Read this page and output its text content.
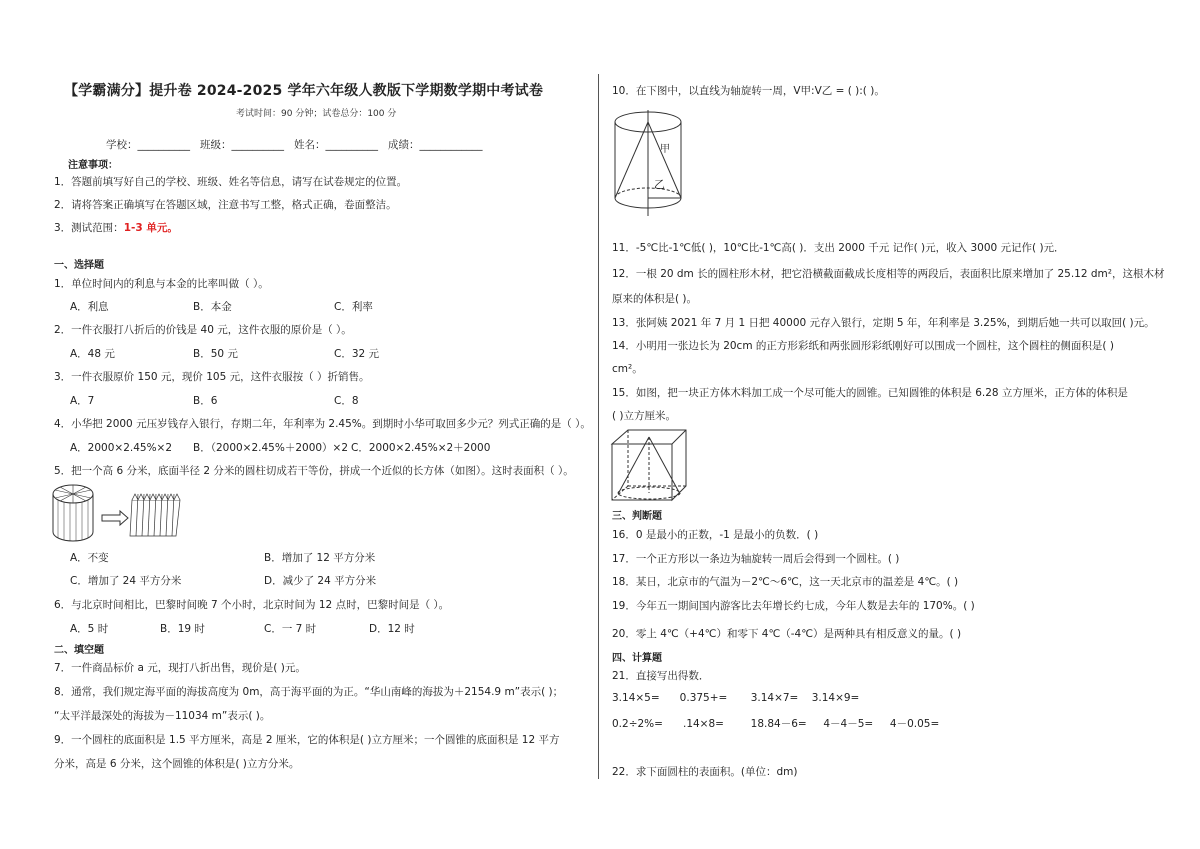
【学霸满分】提升卷 2024-2025 学年六年级人教版下学期数学期中考试卷
考试时间：90 分钟；试卷总分：100 分
学校：__________   班级：__________   姓名：__________   成绩：____________
注意事项：
1．答题前填写好自己的学校、班级、姓名等信息，请写在试卷规定的位置。
2．请将答案正确填写在答题区域，注意书写工整，格式正确，卷面整洁。
3．测试范围：1-3 单元。
一、选择题
1．单位时间内的利息与本金的比率叫做（ ）。
A．利息	B．本金	C．利率
2．一件衣服打八折后的价钱是 40 元，这件衣服的原价是（ ）。
A．48 元	B．50 元	C．32 元
3．一件衣服原价 150 元，现价 105 元，这件衣服按（ ）折销售。
A．7	B．6	C．8
4．小华把 2000 元压岁钱存入银行，存期二年，年利率为 2.45%。到期时小华可取回多少元？列式正确的是（ ）。
A．2000×2.45%×2 B．（2000×2.45%＋2000）×2 C．2000×2.45%×2＋2000
5．把一个高 6 分米，底面半径 2 分米的圆柱切成若干等份，拼成一个近似的长方体（如图）。这时表面积（ ）。
A．不变	B．增加了 12 平方分米
C．增加了 24 平方分米	D．减少了 24 平方分米
6．与北京时间相比，巴黎时间晚 7 个小时，北京时间为 12 点时，巴黎时间是（ ）。
A．5 时	B．19 时	C．一 7 时	D．12 时
二、填空题
7．一件商品标价 a 元，现打八折出售，现价是( )元。
8．通常，我们规定海平面的海拔高度为 0m，高于海平面的为正。“华山南峰的海拔为＋2154.9 m”表示( )；
“太平洋最深处的海拔为－11034 m”表示( )。
9．一个圆柱的底面积是 1.5 平方厘米，高是 2 厘米，它的体积是( )立方厘米；一个圆锥的底面积是 12 平方
分米，高是 6 分米，这个圆锥的体积是( )立方分米。
10．在下图中，以直线为轴旋转一周，V甲:V乙 = ( ):( )。
甲
乙
11．-5℃比-1℃低( )，10℃比-1℃高( )．支出 2000 千元 记作( )元，收入 3000 元记作( )元．
12．一根 20 dm 长的圆柱形木材，把它沿横截面截成长度相等的两段后，表面积比原来增加了 25.12 dm²，这根木材
原来的体积是( )。
13．张阿姨 2021 年 7 月 1 日把 40000 元存入银行，定期 5 年，年利率是 3.25%，到期后她一共可以取回( )元。
14．小明用一张边长为 20cm 的正方形彩纸和两张圆形彩纸刚好可以围成一个圆柱，这个圆柱的侧面积是( )
cm²。
15．如图，把一块正方体木料加工成一个尽可能大的圆锥。已知圆锥的体积是 6.28 立方厘米，正方体的体积是
( )立方厘米。
三、判断题
16．0 是最小的正数，-1 是最小的负数．( )
17．一个正方形以一条边为轴旋转一周后会得到一个圆柱。( )
18．某日，北京市的气温为－2℃～6℃，这一天北京市的温差是 4℃。( )
19．今年五一期间国内游客比去年增长约七成，今年人数是去年的 170%。( )
20．零上 4℃（+4℃）和零下 4℃（-4℃）是两种具有相反意义的量。( )
四、计算题
21．直接写出得数．
3.14×5=      0.375+=       3.14×7=    3.14×9=
0.2÷2%=      .14×8=        18.84－6=     4－4－5=     4－0.05=
22．求下面圆柱的表面积。(单位：dm)
